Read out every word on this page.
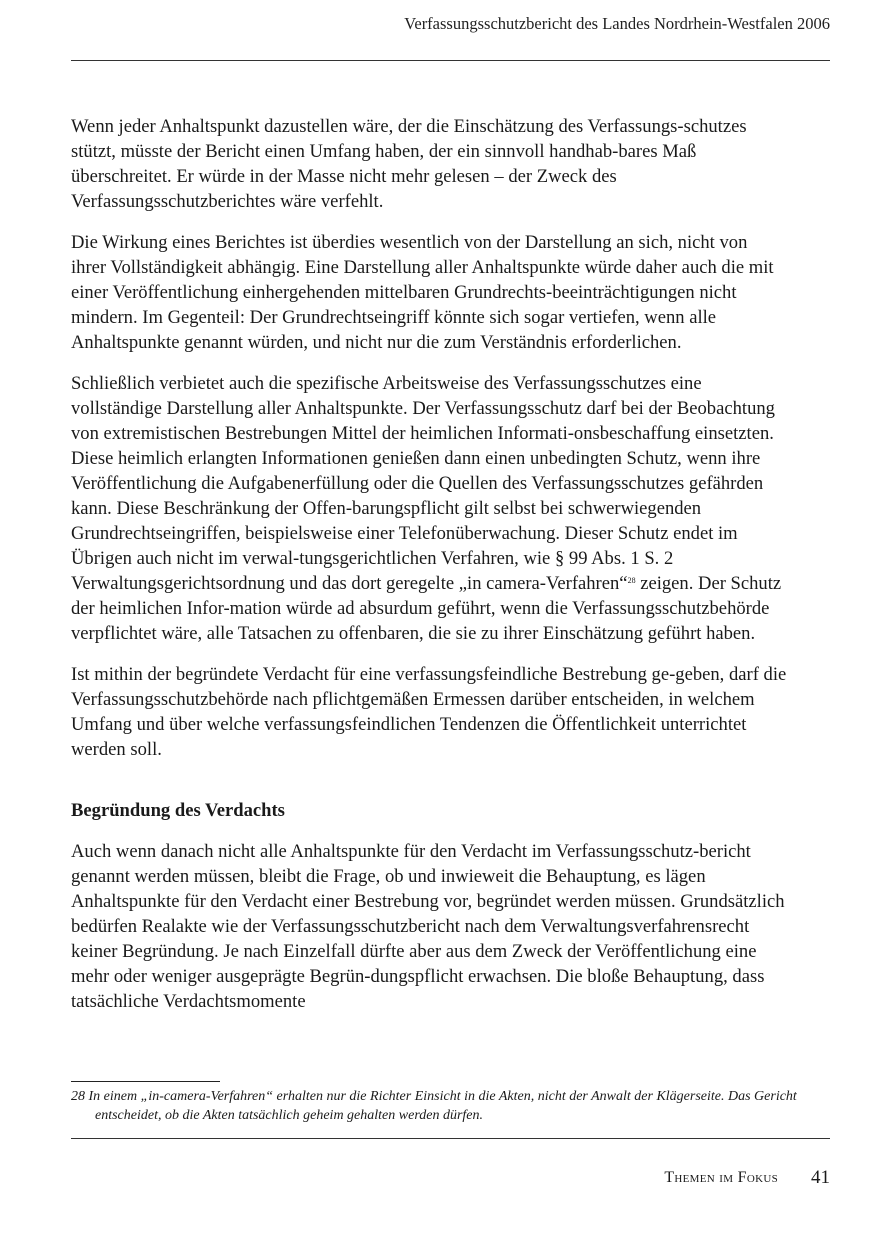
Verfassungsschutzbericht des Landes Nordrhein-Westfalen 2006

Wenn jeder Anhaltspunkt dazustellen wäre, der die Einschätzung des Verfassungs-schutzes stützt, müsste der Bericht einen Umfang haben, der ein sinnvoll handhab-bares Maß überschreitet. Er würde in der Masse nicht mehr gelesen – der Zweck des Verfassungsschutzberichtes wäre verfehlt.

Die Wirkung eines Berichtes ist überdies wesentlich von der Darstellung an sich, nicht von ihrer Vollständigkeit abhängig. Eine Darstellung aller Anhaltspunkte würde daher auch die mit einer Veröffentlichung einhergehenden mittelbaren Grundrechts-beeinträchtigungen nicht mindern. Im Gegenteil: Der Grundrechtseingriff könnte sich sogar vertiefen, wenn alle Anhaltspunkte genannt würden, und nicht nur die zum Verständnis erforderlichen.

Schließlich verbietet auch die spezifische Arbeitsweise des Verfassungsschutzes eine vollständige Darstellung aller Anhaltspunkte. Der Verfassungsschutz darf bei der Beobachtung von extremistischen Bestrebungen Mittel der heimlichen Informati-onsbeschaffung einsetzten. Diese heimlich erlangten Informationen genießen dann einen unbedingten Schutz, wenn ihre Veröffentlichung die Aufgabenerfüllung oder die Quellen des Verfassungsschutzes gefährden kann. Diese Beschränkung der Offen-barungspflicht gilt selbst bei schwerwiegenden Grundrechtseingriffen, beispielsweise einer Telefonüberwachung. Dieser Schutz endet im Übrigen auch nicht im verwal-tungsgerichtlichen Verfahren, wie § 99 Abs. 1 S. 2 Verwaltungsgerichtsordnung und das dort geregelte „in camera-Verfahren“$^{28}$ zeigen. Der Schutz der heimlichen Infor-mation würde ad absurdum geführt, wenn die Verfassungsschutzbehörde verpflichtet wäre, alle Tatsachen zu offenbaren, die sie zu ihrer Einschätzung geführt haben.

Ist mithin der begründete Verdacht für eine verfassungsfeindliche Bestrebung ge-geben, darf die Verfassungsschutzbehörde nach pflichtgemäßen Ermessen darüber entscheiden, in welchem Umfang und über welche verfassungsfeindlichen Tendenzen die Öffentlichkeit unterrichtet werden soll.

Begründung des Verdachts

Auch wenn danach nicht alle Anhaltspunkte für den Verdacht im Verfassungsschutz-bericht genannt werden müssen, bleibt die Frage, ob und inwieweit die Behauptung, es lägen Anhaltspunkte für den Verdacht einer Bestrebung vor, begründet werden müssen. Grundsätzlich bedürfen Realakte wie der Verfassungsschutzbericht nach dem Verwaltungsverfahrensrecht keiner Begründung. Je nach Einzelfall dürfte aber aus dem Zweck der Veröffentlichung eine mehr oder weniger ausgeprägte Begrün-dungspflicht erwachsen. Die bloße Behauptung, dass tatsächliche Verdachtsmomente

28 In einem „in-camera-Verfahren“ erhalten nur die Richter Einsicht in die Akten, nicht der Anwalt der Klägerseite. Das Gericht entscheidet, ob die Akten tatsächlich geheim gehalten werden dürfen.
Themen im Fokus 41
